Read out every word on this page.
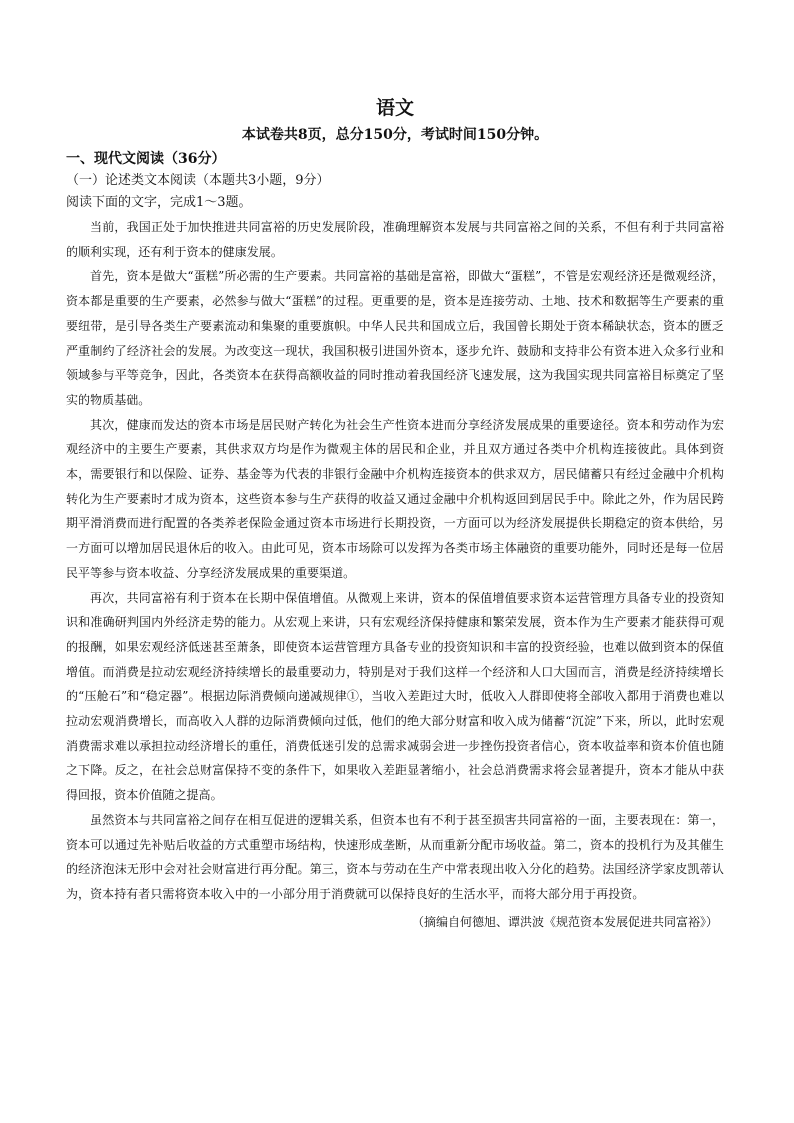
语文

本试卷共8页，总分150分，考试时间150分钟。

一、现代文阅读（36分）

（一）论述类文本阅读（本题共3小题，9分）

阅读下面的文字，完成1～3题。

当前，我国正处于加快推进共同富裕的历史发展阶段，准确理解资本发展与共同富裕之间的关系，不但有利于共同富裕的顺利实现，还有利于资本的健康发展。

首先，资本是做大“蛋糕”所必需的生产要素。共同富裕的基础是富裕，即做大“蛋糕”，不管是宏观经济还是微观经济，资本都是重要的生产要素，必然参与做大“蛋糕”的过程。更重要的是，资本是连接劳动、土地、技术和数据等生产要素的重要纽带，是引导各类生产要素流动和集聚的重要旗帜。中华人民共和国成立后，我国曾长期处于资本稀缺状态，资本的匮乏严重制约了经济社会的发展。为改变这一现状，我国积极引进国外资本，逐步允许、鼓励和支持非公有资本进入众多行业和领域参与平等竞争，因此，各类资本在获得高额收益的同时推动着我国经济飞速发展，这为我国实现共同富裕目标奠定了坚实的物质基础。

其次，健康而发达的资本市场是居民财产转化为社会生产性资本进而分享经济发展成果的重要途径。资本和劳动作为宏观经济中的主要生产要素，其供求双方均是作为微观主体的居民和企业，并且双方通过各类中介机构连接彼此。具体到资本，需要银行和以保险、证券、基金等为代表的非银行金融中介机构连接资本的供求双方，居民储蓄只有经过金融中介机构转化为生产要素时才成为资本，这些资本参与生产获得的收益又通过金融中介机构返回到居民手中。除此之外，作为居民跨期平滑消费而进行配置的各类养老保险金通过资本市场进行长期投资，一方面可以为经济发展提供长期稳定的资本供给，另一方面可以增加居民退休后的收入。由此可见，资本市场除可以发挥为各类市场主体融资的重要功能外，同时还是每一位居民平等参与资本收益、分享经济发展成果的重要渠道。

再次，共同富裕有利于资本在长期中保值增值。从微观上来讲，资本的保值增值要求资本运营管理方具备专业的投资知识和准确研判国内外经济走势的能力。从宏观上来讲，只有宏观经济保持健康和繁荣发展，资本作为生产要素才能获得可观的报酬，如果宏观经济低迷甚至萧条，即使资本运营管理方具备专业的投资知识和丰富的投资经验，也难以做到资本的保值增值。而消费是拉动宏观经济持续增长的最重要动力，特别是对于我们这样一个经济和人口大国而言，消费是经济持续增长的“压舱石”和“稳定器”。根据边际消费倾向递减规律①，当收入差距过大时，低收入人群即使将全部收入都用于消费也难以拉动宏观消费增长，而高收入人群的边际消费倾向过低，他们的绝大部分财富和收入成为储蓄“沉淀”下来，所以，此时宏观消费需求难以承担拉动经济增长的重任，消费低迷引发的总需求减弱会进一步挫伤投资者信心，资本收益率和资本价值也随之下降。反之，在社会总财富保持不变的条件下，如果收入差距显著缩小，社会总消费需求将会显著提升，资本才能从中获得回报，资本价值随之提高。

虽然资本与共同富裕之间存在相互促进的逻辑关系，但资本也有不利于甚至损害共同富裕的一面，主要表现在：第一，资本可以通过先补贴后收益的方式重塑市场结构，快速形成垄断，从而重新分配市场收益。第二，资本的投机行为及其催生的经济泡沫无形中会对社会财富进行再分配。第三，资本与劳动在生产中常表现出收入分化的趋势。法国经济学家皮凯蒂认为，资本持有者只需将资本收入中的一小部分用于消费就可以保持良好的生活水平，而将大部分用于再投资。

（摘编自何德旭、谭洪波《规范资本发展促进共同富裕》）
